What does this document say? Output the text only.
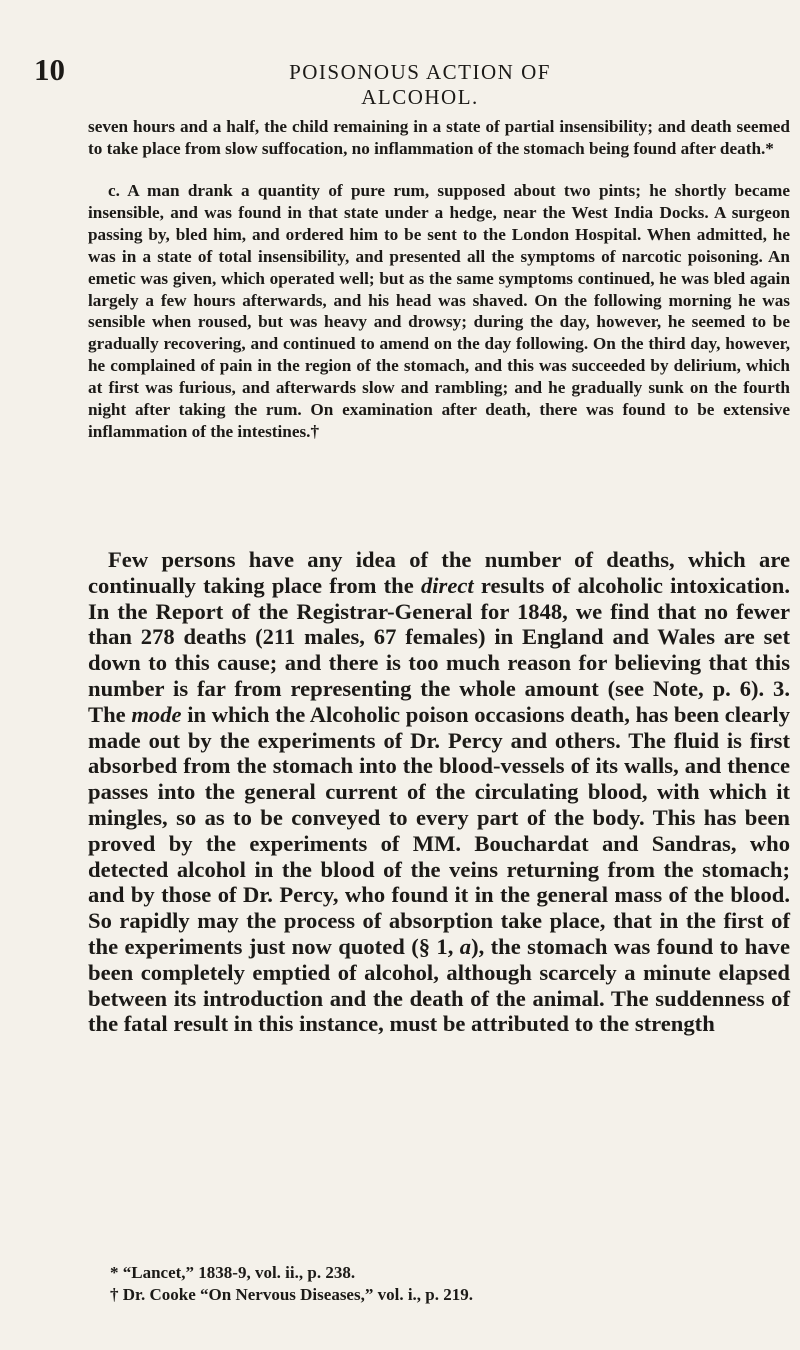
10	POISONOUS ACTION OF ALCOHOL.

seven hours and a half, the child remaining in a state of partial insensibility; and death seemed to take place from slow suffocation, no inflammation of the stomach being found after death.*

c. A man drank a quantity of pure rum, supposed about two pints; he shortly became insensible, and was found in that state under a hedge, near the West India Docks. A surgeon passing by, bled him, and ordered him to be sent to the London Hospital. When admitted, he was in a state of total insensibility, and presented all the symptoms of narcotic poisoning. An emetic was given, which operated well; but as the same symptoms continued, he was bled again largely a few hours afterwards, and his head was shaved. On the following morning he was sensible when roused, but was heavy and drowsy; during the day, however, he seemed to be gradually recovering, and continued to amend on the day following. On the third day, however, he complained of pain in the region of the stomach, and this was succeeded by delirium, which at first was furious, and afterwards slow and rambling; and he gradually sunk on the fourth night after taking the rum. On examination after death, there was found to be extensive inflammation of the intestines.†

Few persons have any idea of the number of deaths, which are continually taking place from the direct results of alcoholic intoxication. In the Report of the Registrar-General for 1848, we find that no fewer than 278 deaths (211 males, 67 females) in England and Wales are set down to this cause; and there is too much reason for believing that this number is far from representing the whole amount (see Note, p. 6). 3. The mode in which the Alcoholic poison occasions death, has been clearly made out by the experiments of Dr. Percy and others. The fluid is first absorbed from the stomach into the blood-vessels of its walls, and thence passes into the general current of the circulating blood, with which it mingles, so as to be conveyed to every part of the body. This has been proved by the experiments of MM. Bouchardat and Sandras, who detected alcohol in the blood of the veins returning from the stomach; and by those of Dr. Percy, who found it in the general mass of the blood. So rapidly may the process of absorption take place, that in the first of the experiments just now quoted (§ 1, a), the stomach was found to have been completely emptied of alcohol, although scarcely a minute elapsed between its introduction and the death of the animal. The suddenness of the fatal result in this instance, must be attributed to the strength

* “Lancet,” 1838-9, vol. ii., p. 238.
† Dr. Cooke “On Nervous Diseases,” vol. i., p. 219.
